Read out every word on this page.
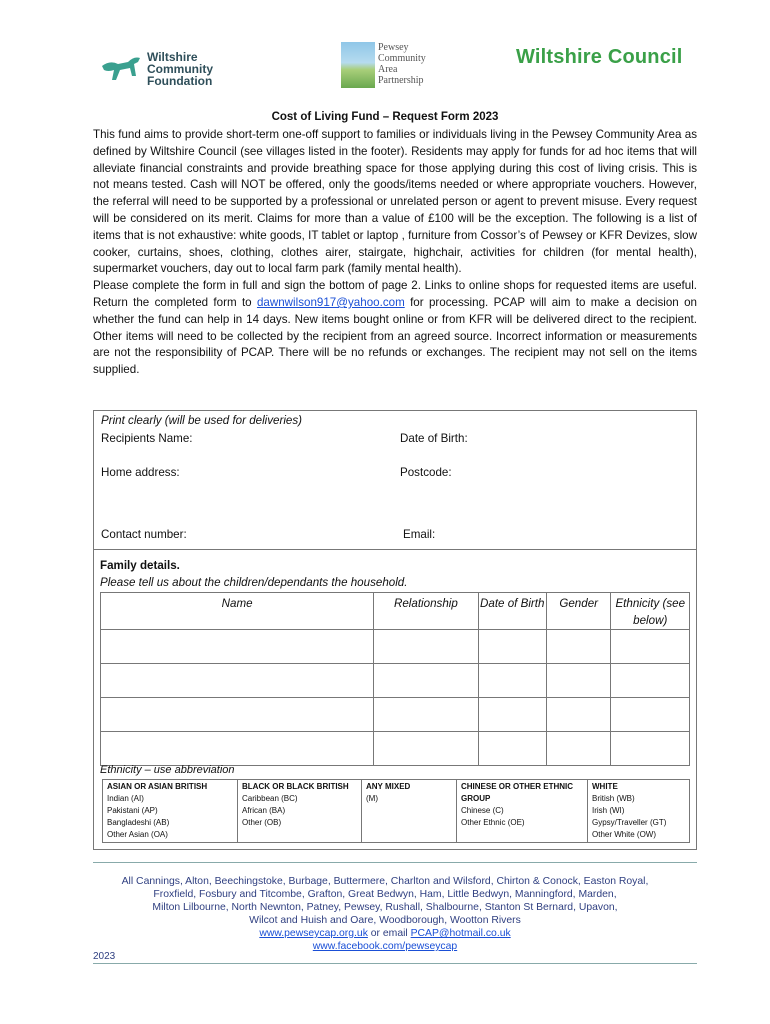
Wiltshire
Community
Foundation
Pewsey
Community
Area
Partnership
Wiltshire Council
Cost of Living Fund – Request Form 2023

This fund aims to provide short-term one-off support to families or individuals living in the Pewsey Community Area as defined by Wiltshire Council (see villages listed in the footer). Residents may apply for funds for ad hoc items that will alleviate financial constraints and provide breathing space for those applying during this cost of living crisis. This is not means tested. Cash will NOT be offered, only the goods/items needed or where appropriate vouchers. However, the referral will need to be supported by a professional or unrelated person or agent to prevent misuse. Every request will be considered on its merit. Claims for more than a value of £100 will be the exception. The following is a list of items that is not exhaustive: white goods, IT tablet or laptop , furniture from Cossor’s of Pewsey or KFR Devizes, slow cooker, curtains, shoes, clothing, clothes airer, stairgate, highchair, activities for children (for mental health), supermarket vouchers, day out to local farm park (family mental health).

Please complete the form in full and sign the bottom of page 2. Links to online shops for requested items are useful. Return the completed form to dawnwilson917@yahoo.com for processing. PCAP will aim to make a decision on whether the fund can help in 14 days. New items bought online or from KFR will be delivered direct to the recipient. Other items will need to be collected by the recipient from an agreed source. Incorrect information or measurements are not the responsibility of PCAP. There will be no refunds or exchanges. The recipient may not sell on the items supplied.

Print clearly (will be used for deliveries)
Recipients Name:	Date of Birth:
Home address:	Postcode:
Contact number:	Email:
Family details.
Please tell us about the children/dependants the household.
Name	Relationship	Date of Birth	Gender	Ethnicity (see below)

Ethnicity – use abbreviation
ASIAN OR ASIAN BRITISH
Indian (AI)
Pakistani (AP)
Bangladeshi (AB)
Other Asian (OA)

BLACK OR BLACK BRITISH
Caribbean (BC)
African (BA)
Other (OB)

ANY MIXED
(M)

CHINESE OR OTHER ETHNIC GROUP
Chinese (C)
Other Ethnic (OE)

WHITE
British (WB)
Irish (WI)
Gypsy/Traveller (GT)
Other White (OW)
All Cannings, Alton, Beechingstoke, Burbage, Buttermere, Charlton and Wilsford, Chirton & Conock, Easton Royal,
Froxfield, Fosbury and Titcombe, Grafton, Great Bedwyn, Ham, Little Bedwyn, Manningford, Marden,
Milton Lilbourne, North Newnton, Patney, Pewsey, Rushall, Shalbourne, Stanton St Bernard, Upavon,
Wilcot and Huish and Oare, Woodborough, Wootton Rivers
www.pewseycap.org.uk or email PCAP@hotmail.co.uk
www.facebook.com/pewseycap
2023
